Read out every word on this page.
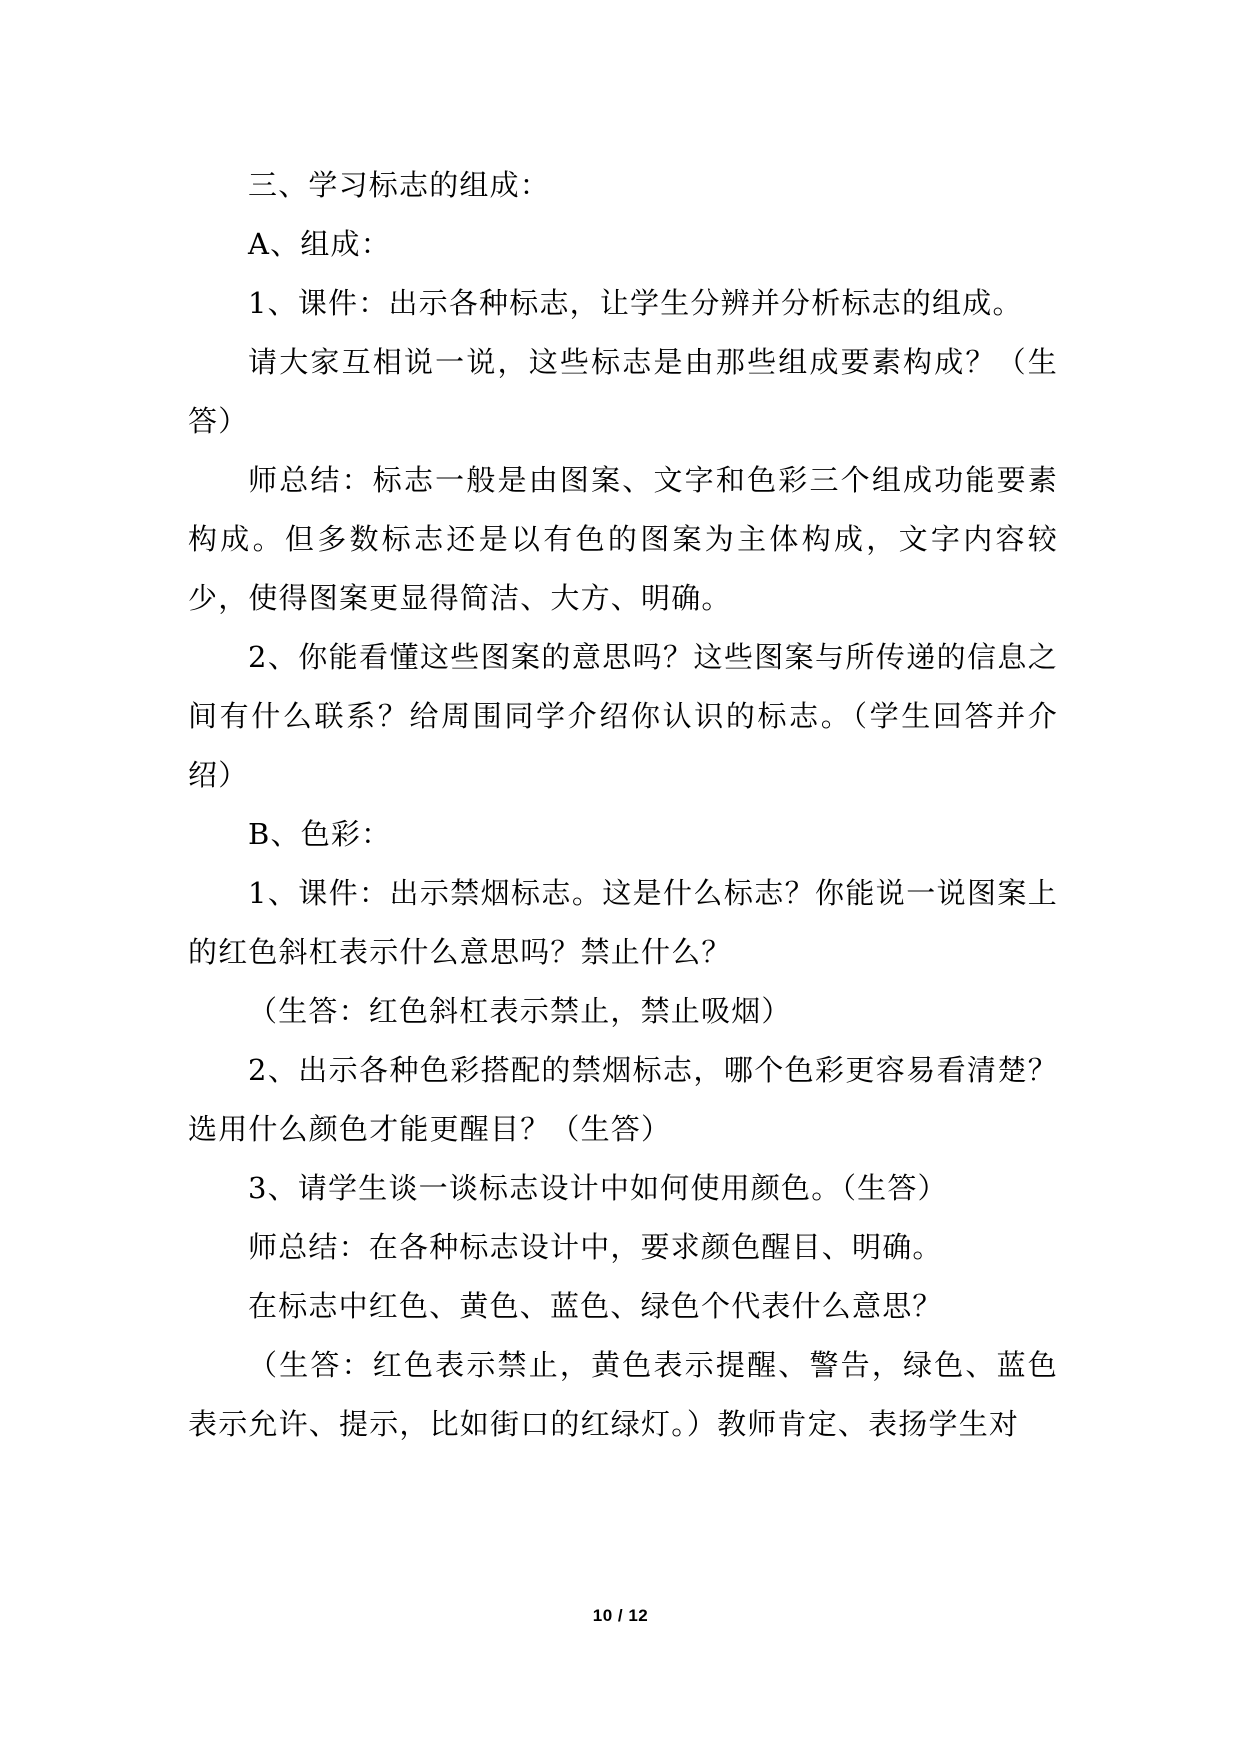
三、学习标志的组成：

A、组成：

1、课件：出示各种标志，让学生分辨并分析标志的组成。

请大家互相说一说，这些标志是由那些组成要素构成？（生答）

师总结：标志一般是由图案、文字和色彩三个组成功能要素构成。但多数标志还是以有色的图案为主体构成，文字内容较少，使得图案更显得简洁、大方、明确。

2、你能看懂这些图案的意思吗？这些图案与所传递的信息之间有什么联系？给周围同学介绍你认识的标志。（学生回答并介绍）

B、色彩：

1、课件：出示禁烟标志。这是什么标志？你能说一说图案上的红色斜杠表示什么意思吗？禁止什么？

（生答：红色斜杠表示禁止，禁止吸烟）

2、出示各种色彩搭配的禁烟标志，哪个色彩更容易看清楚？选用什么颜色才能更醒目？（生答）

3、请学生谈一谈标志设计中如何使用颜色。（生答）

师总结：在各种标志设计中，要求颜色醒目、明确。

在标志中红色、黄色、蓝色、绿色个代表什么意思？

（生答：红色表示禁止，黄色表示提醒、警告，绿色、蓝色表示允许、提示，比如街口的红绿灯。）教师肯定、表扬学生对

10 / 12
